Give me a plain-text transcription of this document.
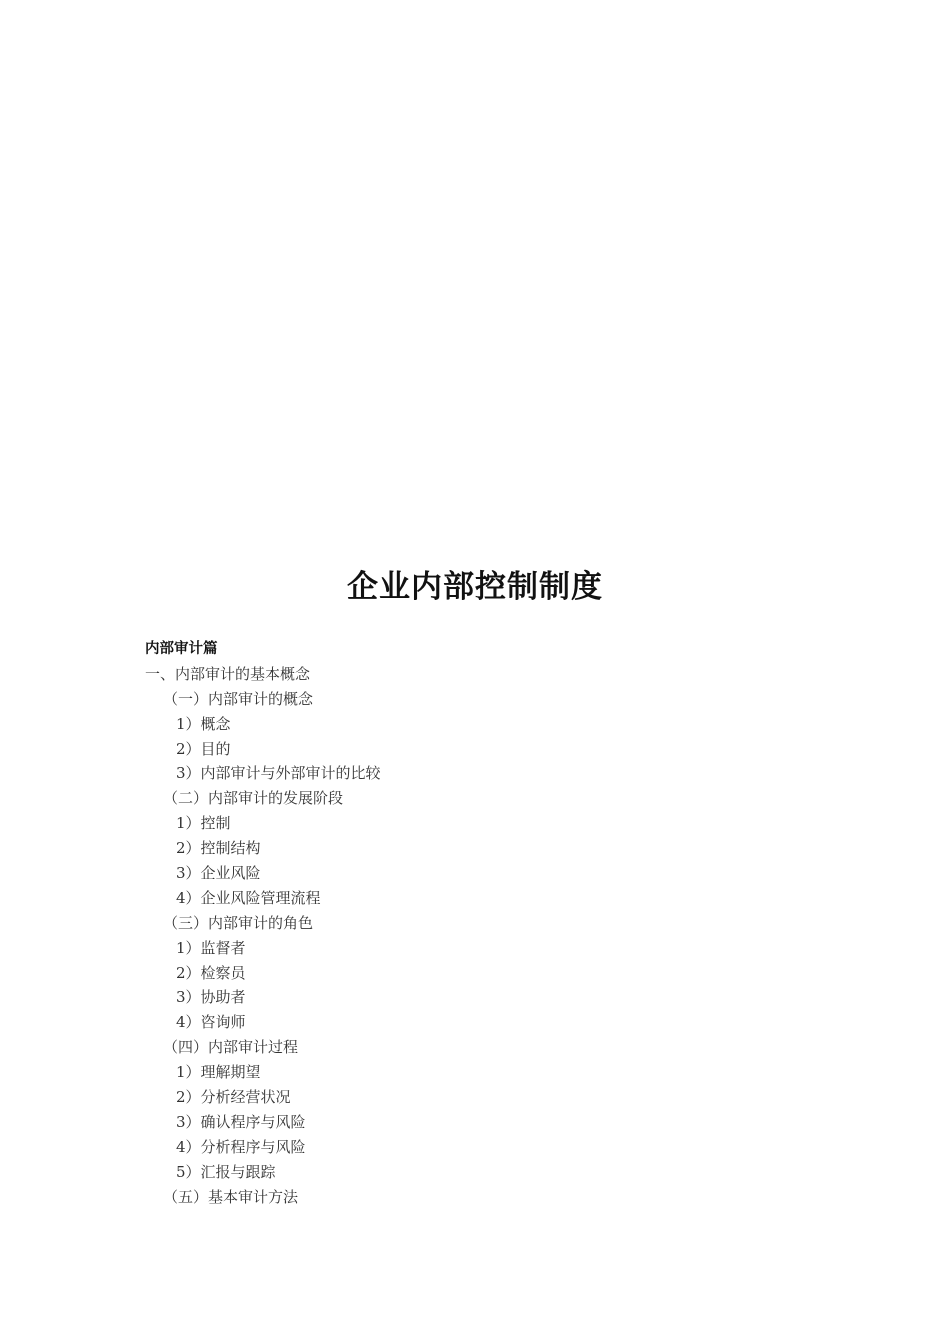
企业内部控制制度
内部审计篇
一、内部审计的基本概念
（一）内部审计的概念
1）概念
2）目的
3）内部审计与外部审计的比较
（二）内部审计的发展阶段
1）控制
2）控制结构
3）企业风险
4）企业风险管理流程
（三）内部审计的角色
1）监督者
2）检察员
3）协助者
4）咨询师
（四）内部审计过程
1）理解期望
2）分析经营状况
3）确认程序与风险
4）分析程序与风险
5）汇报与跟踪
（五）基本审计方法
